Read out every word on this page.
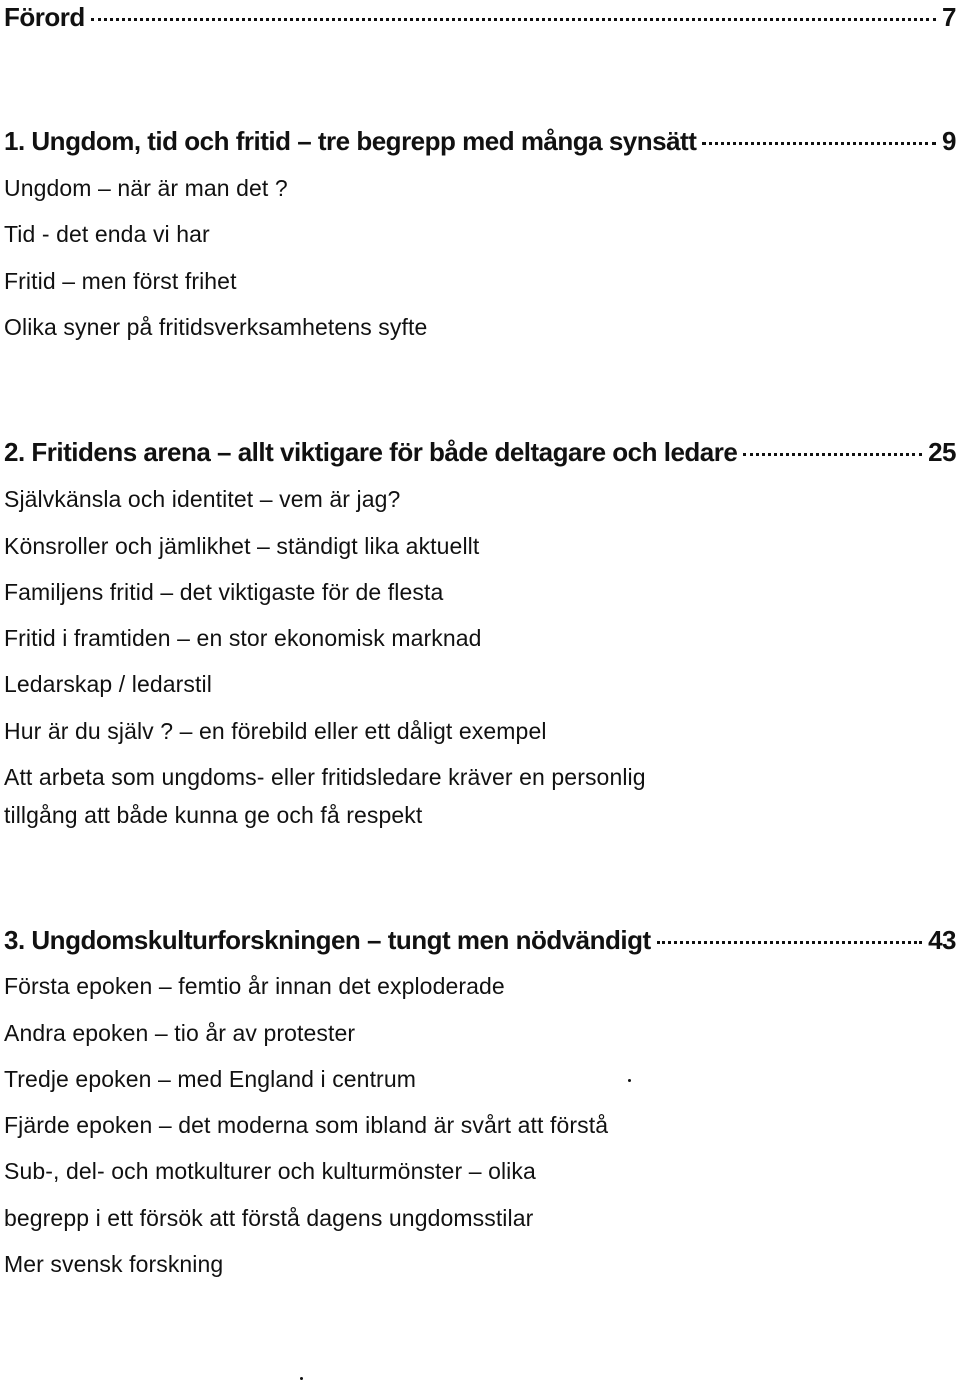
Förord	7
1. Ungdom, tid och fritid – tre begrepp med många synsätt	9
Ungdom – när är man det ?
Tid - det enda vi har
Fritid – men först frihet
Olika syner på fritidsverksamhetens syfte
2. Fritidens arena – allt viktigare för både deltagare och ledare	25
Självkänsla och identitet – vem är jag?
Könsroller och jämlikhet – ständigt lika aktuellt
Familjens fritid – det viktigaste för de flesta
Fritid i framtiden – en stor ekonomisk marknad
Ledarskap / ledarstil
Hur är du själv ? – en förebild eller ett dåligt exempel
Att arbeta som ungdoms- eller fritidsledare kräver en personlig
tillgång att både kunna ge och få respekt
3. Ungdomskulturforskningen – tungt men nödvändigt	43
Första epoken – femtio år innan det exploderade
Andra epoken – tio år av protester
Tredje epoken – med England i centrum
Fjärde epoken – det moderna som ibland är svårt att förstå
Sub-, del- och motkulturer och kulturmönster – olika
begrepp i ett försök att förstå dagens ungdomsstilar
Mer svensk forskning
